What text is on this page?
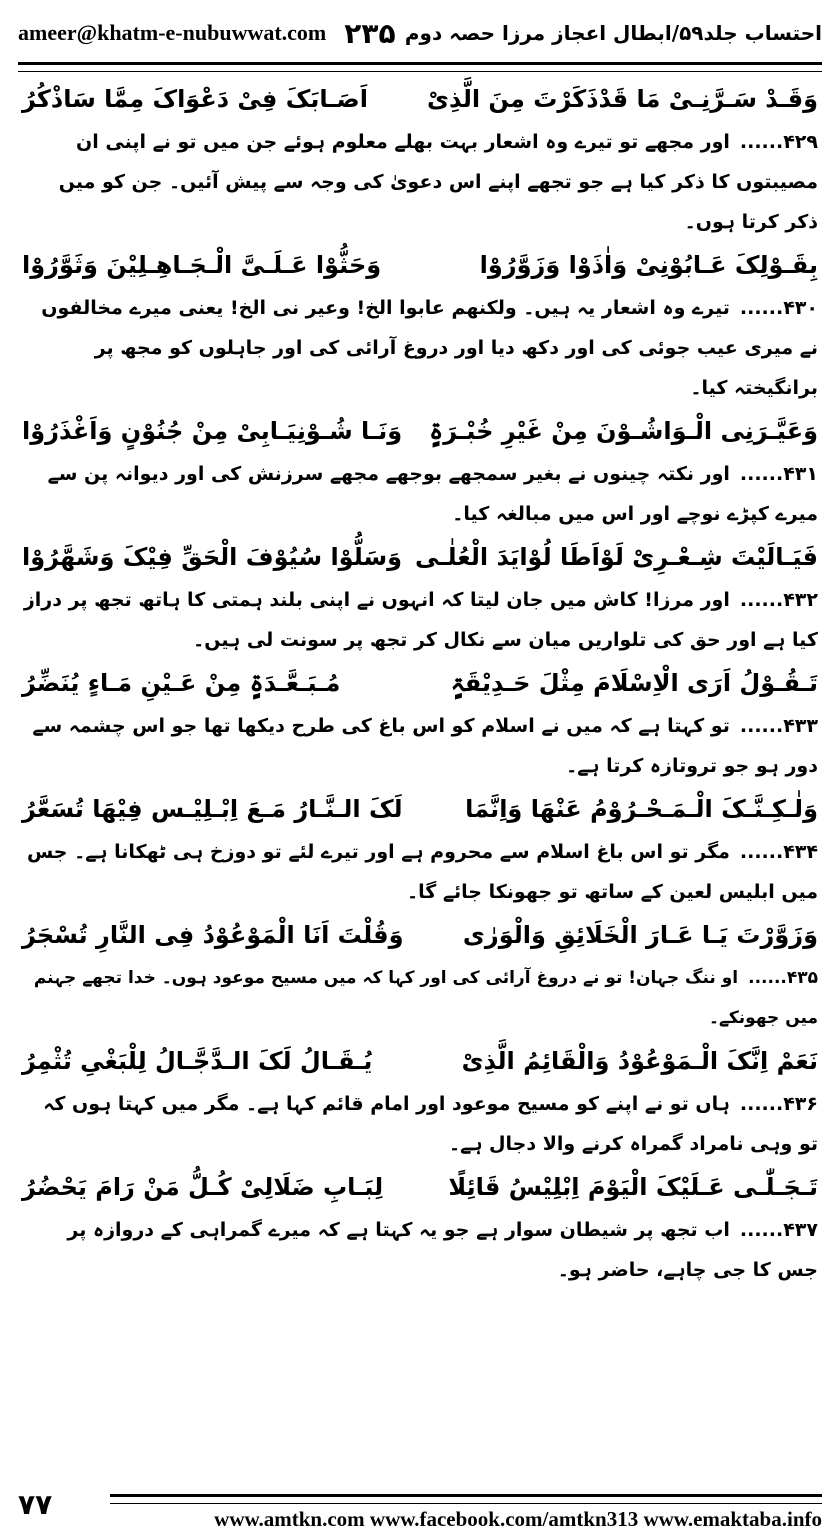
ameer@khatm-e-nubuwwat.com ۲۳۵ احتساب جلد۵۹/ابطال اعجاز مرزا حصہ دوم
وَقَـدْ سَـرَّنِـیْ مَا قَدْذَکَرْتَ مِنَ الَّذِیْ
اَصَـابَکَ فِیْ دَعْوَاکَ مِمَّا سَاذْکُرُ
۴۲۹......اور مجھے تو تیرے وہ اشعار بہت بھلے معلوم ہوئے جن میں تو نے اپنی ان مصیبتوں کا ذکر کیا ہے جو تجھے اپنے اس دعویٰ کی وجہ سے پیش آئیں۔ جن کو میں ذکر کرتا ہوں۔
بِقَـوْلِکَ عَـابُوْنِیْ وَاٰذَوْا وَزَوَّرُوْا
وَحَثُّوْا عَـلَـیَّ الْـجَـاهِـلِیْنَ وَثَوَّرُوْا
۴۳۰......تیرے وہ اشعار یہ ہیں۔ ولکنهم عابوا الخ! وعیر نی الخ! یعنی میرے مخالفوں نے میری عیب جوئی کی اور دکھ دیا اور دروغ آرائی کی اور جاہلوں کو مجھ پر برانگیختہ کیا۔
وَعَیَّـرَنِی الْـوَاشُـوْنَ مِنْ غَیْرِ خُبْـرَۃٍ
وَنَـا شُـوْنِیَـابِیْ مِنْ جُنُوْنٍ وَاَغْذَرُوْا
۴۳۱......اور نکتہ چینوں نے بغیر سمجھے بوجھے مجھے سرزنش کی اور دیوانہ پن سے میرے کپڑے نوچے اور اس میں مبالغہ کیا۔
فَیَـالَیْتَ شِـعْـرِیْ لَوْاَطَا لُوْایَدَ الْعُلٰـی
وَسَلُّوْا سُیُوْفَ الْحَقِّ فِیْکَ وَشَهَّرُوْا
۴۳۲......اور مرزا! کاش میں جان لیتا کہ انہوں نے اپنی بلند ہمتی کا ہاتھ تجھ پر دراز کیا ہے اور حق کی تلواریں میان سے نکال کر تجھ پر سونت لی ہیں۔
تَـقُـوْلُ اَرَی الْاِسْلَامَ مِثْلَ حَـدِیْقَۃٍ
مُـبَـعَّـدَۃٍ مِنْ عَـیْنِ مَـاءٍ یُنَضِّرُ
۴۳۳......تو کہتا ہے کہ میں نے اسلام کو اس باغ کی طرح دیکھا تھا جو اس چشمہ سے دور ہو جو تروتازہ کرتا ہے۔
وَلٰـکِـنَّـکَ الْـمَـحْـرُوْمُ عَنْهَا وَاِنَّمَا
لَکَ الـنَّـارُ مَـعَ اِبْـلِیْـس فِیْهَا تُسَعَّرُ
۴۳۴......مگر تو اس باغ اسلام سے محروم ہے اور تیرے لئے تو دوزخ ہی ٹھکانا ہے۔ جس میں ابلیس لعین کے ساتھ تو جھونکا جائے گا۔
وَزَوَّرْتَ یَـا عَـارَ الْخَلَائِقِ وَالْوَرٰی
وَقُلْتَ اَنَا الْمَوْعُوْدُ فِی النَّارِ تُسْجَرُ
۴۳۵......او ننگ جہان! تو نے دروغ آرائی کی اور کہا کہ میں مسیح موعود ہوں۔ خدا تجھے جہنم میں جھونکے۔
نَعَمْ اِنَّکَ الْـمَوْعُوْدُ وَالْقَائِمُ الَّذِیْ
یُـقَـالُ لَکَ الـدَّجَّـالُ لِلْبَغْیِ تُثْمِرُ
۴۳۶......ہاں تو نے اپنے کو مسیح موعود اور امام قائم کہا ہے۔ مگر میں کہتا ہوں کہ تو وہی نامراد گمراہ کرنے والا دجال ہے۔
تَـجَـلّٰـی عَـلَیْکَ الْیَوْمَ اِبْلِیْسُ قَائِلًا
لِبَـابِ ضَلَالِیْ کُـلُّ مَنْ رَامَ یَحْضُرُ
۴۳۷......اب تجھ پر شیطان سوار ہے جو یہ کہتا ہے کہ میرے گمراہی کے دروازہ پر جس کا جی چاہے، حاضر ہو۔
۷۷	www.amtkn.com www.facebook.com/amtkn313 www.emaktaba.info
